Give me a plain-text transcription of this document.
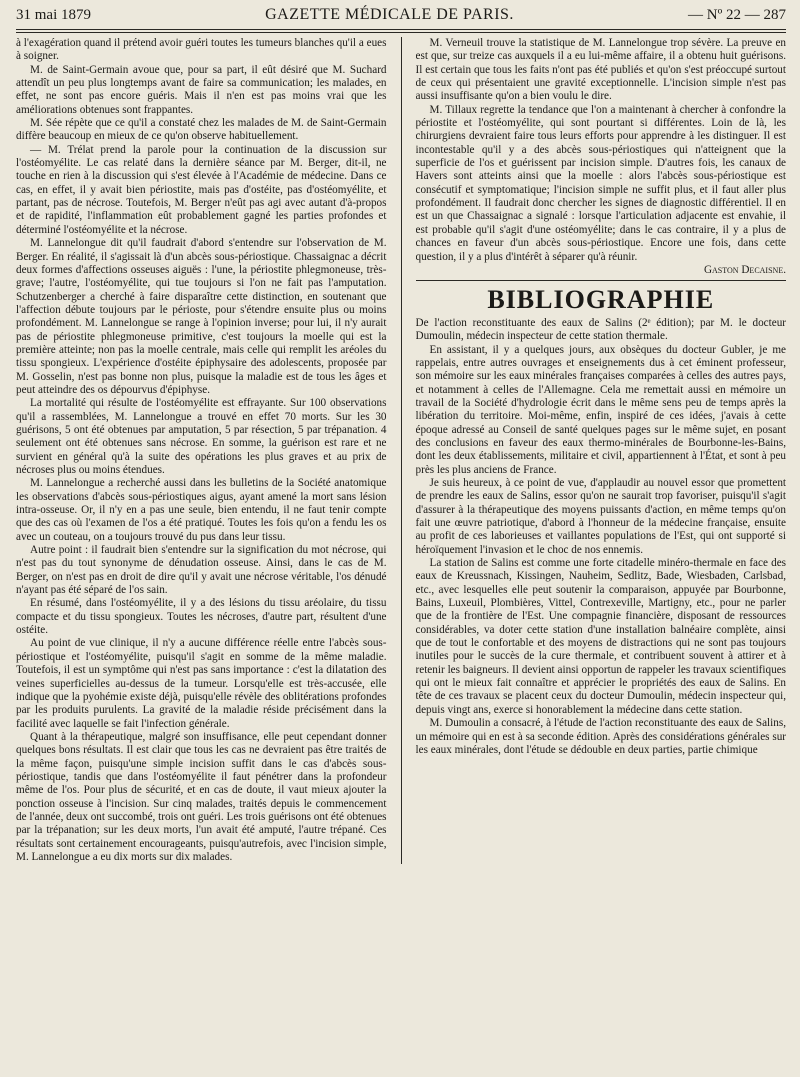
31 mai 1879	GAZETTE MÉDICALE DE PARIS.	— Nº 22 — 287

à l'exagération quand il prétend avoir guéri toutes les tumeurs blanches qu'il a eues à soigner.

M. de Saint-Germain avoue que, pour sa part, il eût désiré que M. Suchard attendît un peu plus longtemps avant de faire sa communication; les malades, en effet, ne sont pas encore guéris. Mais il n'en est pas moins vrai que les améliorations obtenues sont frappantes.

M. Sée répète que ce qu'il a constaté chez les malades de M. de Saint-Germain diffère beaucoup en mieux de ce qu'on observe habituellement.

— M. Trélat prend la parole pour la continuation de la discussion sur l'ostéomyélite. Le cas relaté dans la dernière séance par M. Berger, dit-il, ne touche en rien à la discussion qui s'est élevée à l'Académie de médecine. Dans ce cas, en effet, il y avait bien périostite, mais pas d'ostéite, pas d'ostéomyélite, et partant, pas de nécrose. Toutefois, M. Berger n'eût pas agi avec autant d'à-propos et de rapidité, l'inflammation eût probablement gagné les parties profondes et déterminé l'ostéomyélite et la nécrose.

M. Lannelongue dit qu'il faudrait d'abord s'entendre sur l'observation de M. Berger. En réalité, il s'agissait là d'un abcès sous-périostique. Chassaignac a décrit deux formes d'affections osseuses aiguës : l'une, la périostite phlegmoneuse, très-grave; l'autre, l'ostéomyélite, qui tue toujours si l'on ne fait pas l'amputation. Schutzenberger a cherché à faire disparaître cette distinction, en soutenant que l'affection débute toujours par le périoste, pour s'étendre ensuite plus ou moins profondément. M. Lannelongue se range à l'opinion inverse; pour lui, il n'y aurait pas de périostite phlegmoneuse primitive, c'est toujours la moelle qui est la première atteinte; non pas la moelle centrale, mais celle qui remplit les aréoles du tissu spongieux. L'expérience d'ostéite épiphysaire des adolescents, proposée par M. Gosselin, n'est pas bonne non plus, puisque la maladie est de tous les âges et peut atteindre des os dépourvus d'épiphyse.

La mortalité qui résulte de l'ostéomyélite est effrayante. Sur 100 observations qu'il a rassemblées, M. Lannelongue a trouvé en effet 70 morts. Sur les 30 guérisons, 5 ont été obtenues par amputation, 5 par résection, 5 par trépanation. 4 seulement ont été obtenues sans nécrose. En somme, la guérison est rare et ne survient en général qu'à la suite des opérations les plus graves et au prix de nécroses plus ou moins étendues.

M. Lannelongue a recherché aussi dans les bulletins de la Société anatomique les observations d'abcès sous-périostiques aigus, ayant amené la mort sans lésion intra-osseuse. Or, il n'y en a pas une seule, bien entendu, il ne faut tenir compte que des cas où l'examen de l'os a été pratiqué. Toutes les fois qu'on a fendu les os avec un couteau, on a toujours trouvé du pus dans leur tissu.

Autre point : il faudrait bien s'entendre sur la signification du mot nécrose, qui n'est pas du tout synonyme de dénudation osseuse. Ainsi, dans le cas de M. Berger, on n'est pas en droit de dire qu'il y avait une nécrose véritable, l'os dénudé n'ayant pas été séparé de l'os sain.

En résumé, dans l'ostéomyélite, il y a des lésions du tissu aréolaire, du tissu compacte et du tissu spongieux. Toutes les nécroses, d'autre part, résultent d'une ostéite.

Au point de vue clinique, il n'y a aucune différence réelle entre l'abcès sous-périostique et l'ostéomyélite, puisqu'il s'agit en somme de la même maladie. Toutefois, il est un symptôme qui n'est pas sans importance : c'est la dilatation des veines superficielles au-dessus de la tumeur. Lorsqu'elle est très-accusée, elle indique que la pyohémie existe déjà, puisqu'elle révèle des oblitérations profondes par les produits purulents. La gravité de la maladie réside précisément dans la facilité avec laquelle se fait l'infection générale.

Quant à la thérapeutique, malgré son insuffisance, elle peut cependant donner quelques bons résultats. Il est clair que tous les cas ne devraient pas être traités de la même façon, puisqu'une simple incision suffit dans le cas d'abcès sous-périostique, tandis que dans l'ostéomyélite il faut pénétrer dans la profondeur même de l'os. Pour plus de sécurité, et en cas de doute, il vaut mieux ajouter la ponction osseuse à l'incision. Sur cinq malades, traités depuis le commencement de l'année, deux ont succombé, trois ont guéri. Les trois guérisons ont été obtenues par la trépanation; sur les deux morts, l'un avait été amputé, l'autre trépané. Ces résultats sont certainement encourageants, puisqu'autrefois, avec l'incision simple, M. Lannelongue a eu dix morts sur dix malades.

M. Verneuil trouve la statistique de M. Lannelongue trop sévère. La preuve en est que, sur treize cas auxquels il a eu lui-même affaire, il a obtenu huit guérisons. Il est certain que tous les faits n'ont pas été publiés et qu'on s'est préoccupé surtout de ceux qui présentaient une gravité exceptionnelle. L'incision simple n'est pas aussi insuffisante qu'on a bien voulu le dire.

M. Tillaux regrette la tendance que l'on a maintenant à chercher à confondre la périostite et l'ostéomyélite, qui sont pourtant si différentes. Loin de là, les chirurgiens devraient faire tous leurs efforts pour apprendre à les distinguer. Il est incontestable qu'il y a des abcès sous-périostiques qui n'atteignent que la superficie de l'os et guérissent par incision simple. D'autres fois, les canaux de Havers sont atteints ainsi que la moelle : alors l'abcès sous-périostique est consécutif et symptomatique; l'incision simple ne suffit plus, et il faut aller plus profondément. Il faudrait donc chercher les signes de diagnostic différentiel. Il en est un que Chassaignac a signalé : lorsque l'articulation adjacente est envahie, il est probable qu'il s'agit d'une ostéomyélite; dans le cas contraire, il y a plus de chances en faveur d'un abcès sous-périostique. Encore une fois, dans cette question, il y a plus d'intérêt à séparer qu'à réunir.

Gaston Decaisne.
BIBLIOGRAPHIE

De l'action reconstituante des eaux de Salins (2ᵉ édition); par M. le docteur Dumoulin, médecin inspecteur de cette station thermale.

En assistant, il y a quelques jours, aux obsèques du docteur Gubler, je me rappelais, entre autres ouvrages et enseignements dus à cet éminent professeur, son mémoire sur les eaux minérales françaises comparées à celles des autres pays, et notamment à celles de l'Allemagne. Cela me remettait aussi en mémoire un travail de la Société d'hydrologie écrit dans le même sens peu de temps après la libération du territoire. Moi-même, enfin, inspiré de ces idées, j'avais à cette époque adressé au Conseil de santé quelques pages sur le même sujet, en posant des conclusions en faveur des eaux thermo-minérales de Bourbonne-les-Bains, dont les deux établissements, militaire et civil, appartiennent à l'État, et sont à peu près les plus anciens de France.

Je suis heureux, à ce point de vue, d'applaudir au nouvel essor que promettent de prendre les eaux de Salins, essor qu'on ne saurait trop favoriser, puisqu'il s'agit d'assurer à la thérapeutique des moyens puissants d'action, en même temps qu'on fait une œuvre patriotique, d'abord à l'honneur de la médecine française, ensuite au profit de ces laborieuses et vaillantes populations de l'Est, qui ont supporté si héroïquement l'invasion et le choc de nos ennemis.

La station de Salins est comme une forte citadelle minéro-thermale en face des eaux de Kreussnach, Kissingen, Nauheim, Sedlitz, Bade, Wiesbaden, Carlsbad, etc., avec lesquelles elle peut soutenir la comparaison, appuyée par Bourbonne, Bains, Luxeuil, Plombières, Vittel, Contrexeville, Martigny, etc., pour ne parler que de la frontière de l'Est. Une compagnie financière, disposant de ressources considérables, va doter cette station d'une installation balnéaire complète, ainsi que de tout le confortable et des moyens de distractions qui ne sont pas toujours inutiles pour le succès de la cure thermale, et contribuent souvent à attirer et à retenir les baigneurs. Il devient ainsi opportun de rappeler les travaux scientifiques qui ont le mieux fait connaître et apprécier le propriétés des eaux de Salins. En tête de ces travaux se placent ceux du docteur Dumoulin, médecin inspecteur qui, depuis vingt ans, exerce si honorablement la médecine dans cette station.

M. Dumoulin a consacré, à l'étude de l'action reconstituante des eaux de Salins, un mémoire qui en est à sa seconde édition. Après des considérations générales sur les eaux minérales, dont l'étude se dédouble en deux parties, partie chimique
